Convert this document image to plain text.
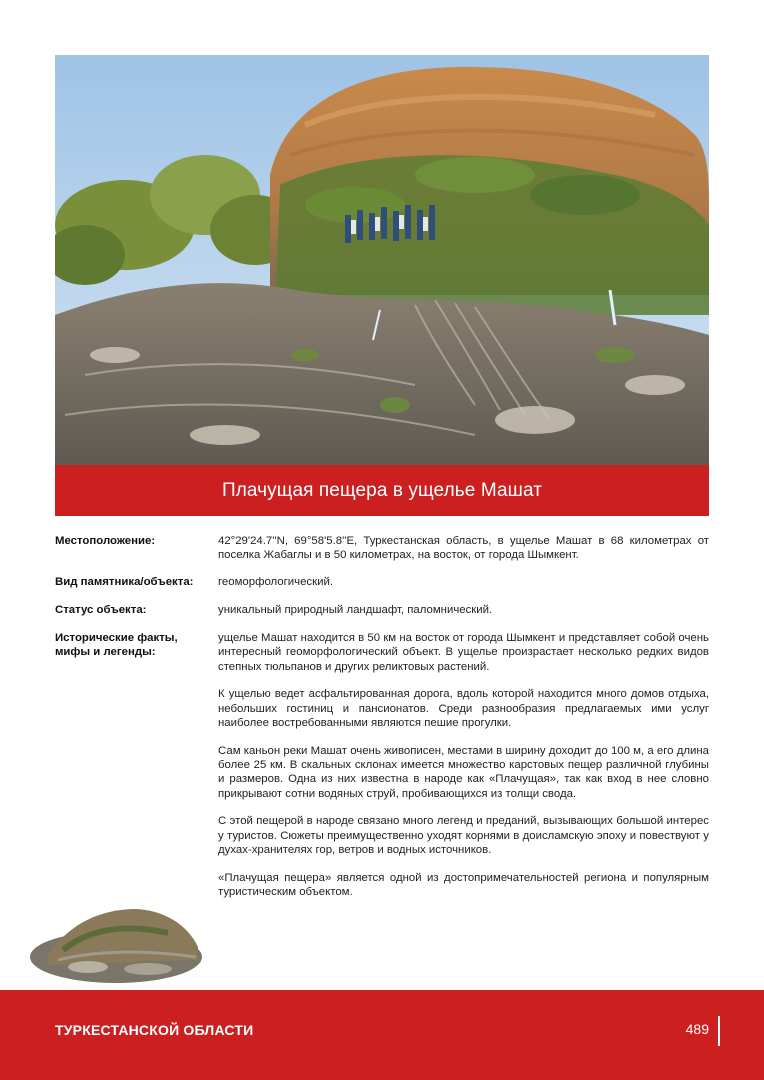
Плачущая пещера в ущелье Машат
Местоположение:	42°29'24.7''N, 69°58'5.8''E, Туркестанская область, в ущелье Машат в 68 километрах от поселка Жабаглы и в 50 километрах, на восток, от города Шымкент.

Вид памятника/объекта:	геоморфологический.

Статус объекта:	уникальный природный ландшафт, паломнический.

Исторические факты, мифы и легенды:

ущелье Машат находится в 50 км на восток от города Шымкент и представляет собой очень интересный геоморфологический объект. В ущелье произрастает несколько редких видов степных тюльпанов и других реликтовых растений.

К ущелью ведет асфальтированная дорога, вдоль которой находится много домов отдыха, небольших гостиниц и пансионатов. Среди разнообразия предлагаемых ими услуг наиболее востребованными являются пешие прогулки.

Сам каньон реки Машат очень живописен, местами в ширину доходит до 100 м, а его длина более 25 км. В скальных склонах имеется множество карстовых пещер различной глубины и размеров. Одна из них известна в народе как «Плачущая», так как вход в нее словно прикрывают сотни водяных струй, пробивающихся из толщи свода.

С этой пещерой в народе связано много легенд и преданий, вызывающих большой интерес у туристов. Сюжеты преимущественно уходят корнями в доисламскую эпоху и повествуют у духах-хранителях гор, ветров и водных источников.

«Плачущая пещера» является одной из достопримечательностей региона и популярным туристическим объектом.

ТУРКЕСТАНСКОЙ ОБЛАСТИ	489
